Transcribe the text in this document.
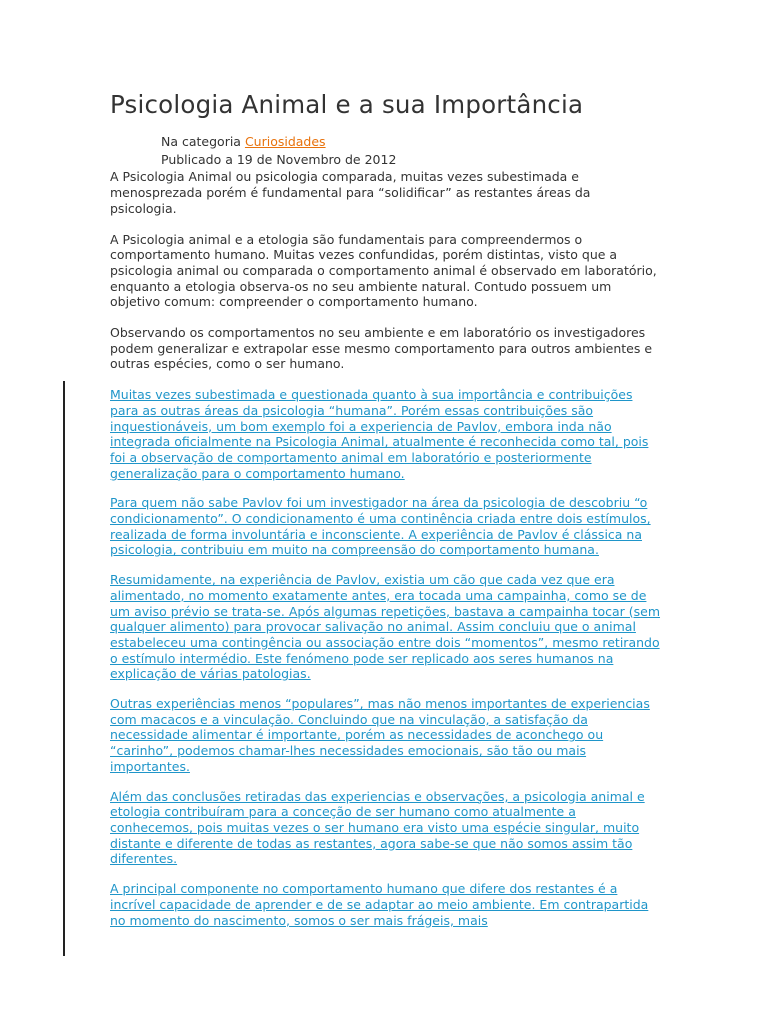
Psicologia Animal e a sua Importância
Na categoria Curiosidades
Publicado a 19 de Novembro de 2012

A Psicologia Animal ou psicologia comparada, muitas vezes subestimada e menosprezada porém é fundamental para “solidificar” as restantes áreas da psicologia.

A Psicologia animal e a etologia são fundamentais para compreendermos o comportamento humano. Muitas vezes confundidas, porém distintas, visto que a psicologia animal ou comparada o comportamento animal é observado em laboratório, enquanto a etologia observa-os no seu ambiente natural. Contudo possuem um objetivo comum: compreender o comportamento humano.

Observando os comportamentos no seu ambiente e em laboratório os investigadores podem generalizar e extrapolar esse mesmo comportamento para outros ambientes e outras espécies, como o ser humano.

Muitas vezes subestimada e questionada quanto à sua importância e contribuições para as outras áreas da psicologia “humana”. Porém essas contribuições são inquestionáveis, um bom exemplo foi a experiencia de Pavlov, embora inda não integrada oficialmente na Psicologia Animal, atualmente é reconhecida como tal, pois foi a observação de comportamento animal em laboratório e posteriormente generalização para o comportamento humano.
Para quem não sabe Pavlov foi um investigador na área da psicologia de descobriu “o condicionamento”. O condicionamento é uma continência criada entre dois estímulos, realizada de forma involuntária e inconsciente. A experiência de Pavlov é clássica na psicologia, contribuiu em muito na compreensão do comportamento humana.
Resumidamente, na experiência de Pavlov, existia um cão que cada vez que era alimentado, no momento exatamente antes, era tocada uma campainha, como se de um aviso prévio se trata-se. Após algumas repetições, bastava a campainha tocar (sem qualquer alimento) para provocar salivação no animal. Assim concluiu que o animal estabeleceu uma contingência ou associação entre dois “momentos”, mesmo retirando o estímulo intermédio. Este fenómeno pode ser replicado aos seres humanos na explicação de várias patologias.
Outras experiências menos “populares”, mas não menos importantes de experiencias com macacos e a vinculação. Concluindo que na vinculação, a satisfação da necessidade alimentar é importante, porém as necessidades de aconchego ou “carinho”, podemos chamar-lhes necessidades emocionais, são tão ou mais importantes.
Além das conclusões retiradas das experiencias e observações, a psicologia animal e etologia contribuíram para a conceção de ser humano como atualmente a conhecemos, pois muitas vezes o ser humano era visto uma espécie singular, muito distante e diferente de todas as restantes, agora sabe-se que não somos assim tão diferentes.
A principal componente no comportamento humano que difere dos restantes é a incrível capacidade de aprender e de se adaptar ao meio ambiente. Em contrapartida no momento do nascimento, somos o ser mais frágeis, mais
